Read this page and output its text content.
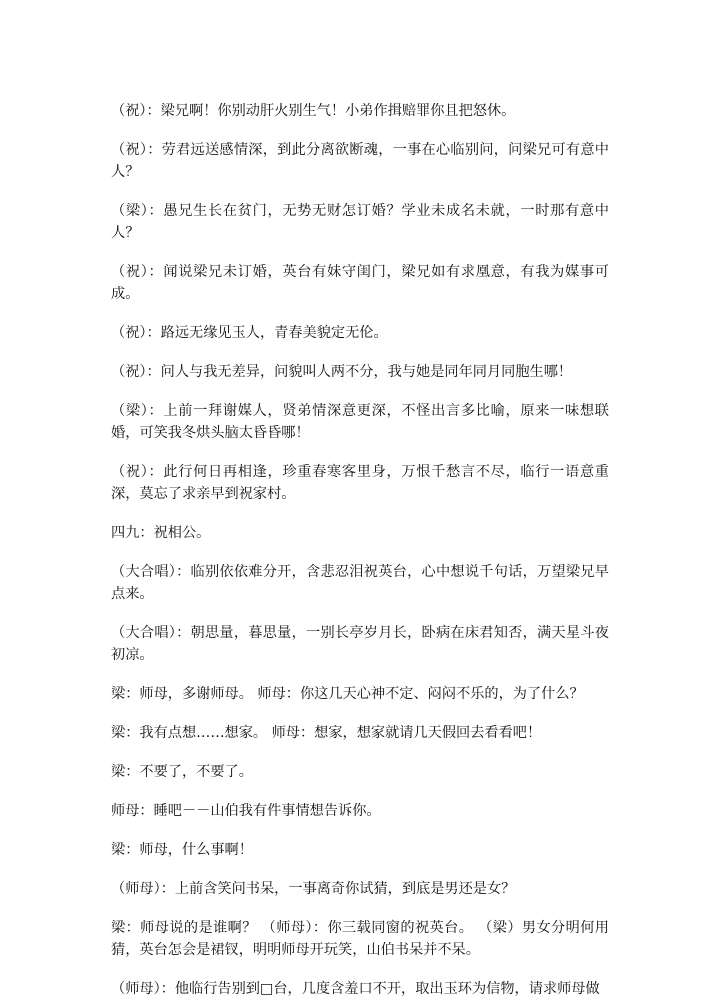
（祝）：梁兄啊！你别动肝火别生气！小弟作揖赔罪你且把怒休。

（祝）：劳君远送感情深，到此分离欲断魂，一事在心临别问，问梁兄可有意中人？

（梁）：愚兄生长在贫门，无势无财怎订婚？学业未成名未就，一时那有意中人？

（祝）：闻说梁兄未订婚，英台有妹守闺门，梁兄如有求凰意，有我为媒事可成。

（祝）：路远无缘见玉人，青春美貌定无伦。

（祝）：问人与我无差异，问貌叫人两不分，我与她是同年同月同胞生哪！

（梁）：上前一拜谢媒人，贤弟情深意更深，不怪出言多比喻，原来一味想联婚，可笑我冬烘头脑太昏昏哪！

（祝）：此行何日再相逢，珍重春寒客里身，万恨千愁言不尽，临行一语意重深，莫忘了求亲早到祝家村。

四九：祝相公。

（大合唱）：临别依依难分开，含悲忍泪祝英台，心中想说千句话，万望梁兄早点来。

（大合唱）：朝思量，暮思量，一别长亭岁月长，卧病在床君知否，满天星斗夜初凉。

梁：师母，多谢师母。 师母：你这几天心神不定、闷闷不乐的，为了什么？

梁：我有点想……想家。 师母：想家，想家就请几天假回去看看吧！

梁：不要了，不要了。

师母：睡吧－－山伯我有件事情想告诉你。

梁：师母，什么事啊！

（师母）：上前含笑问书呆，一事离奇你试猜，到底是男还是女？

梁：师母说的是谁啊？ （师母）：你三载同窗的祝英台。 （梁）男女分明何用猜，英台怎会是裙钗，明明师母开玩笑，山伯书呆并不呆。

（师母）：他临行告别到□台，几度含羞口不开，取出玉环为信物，请求师母做
